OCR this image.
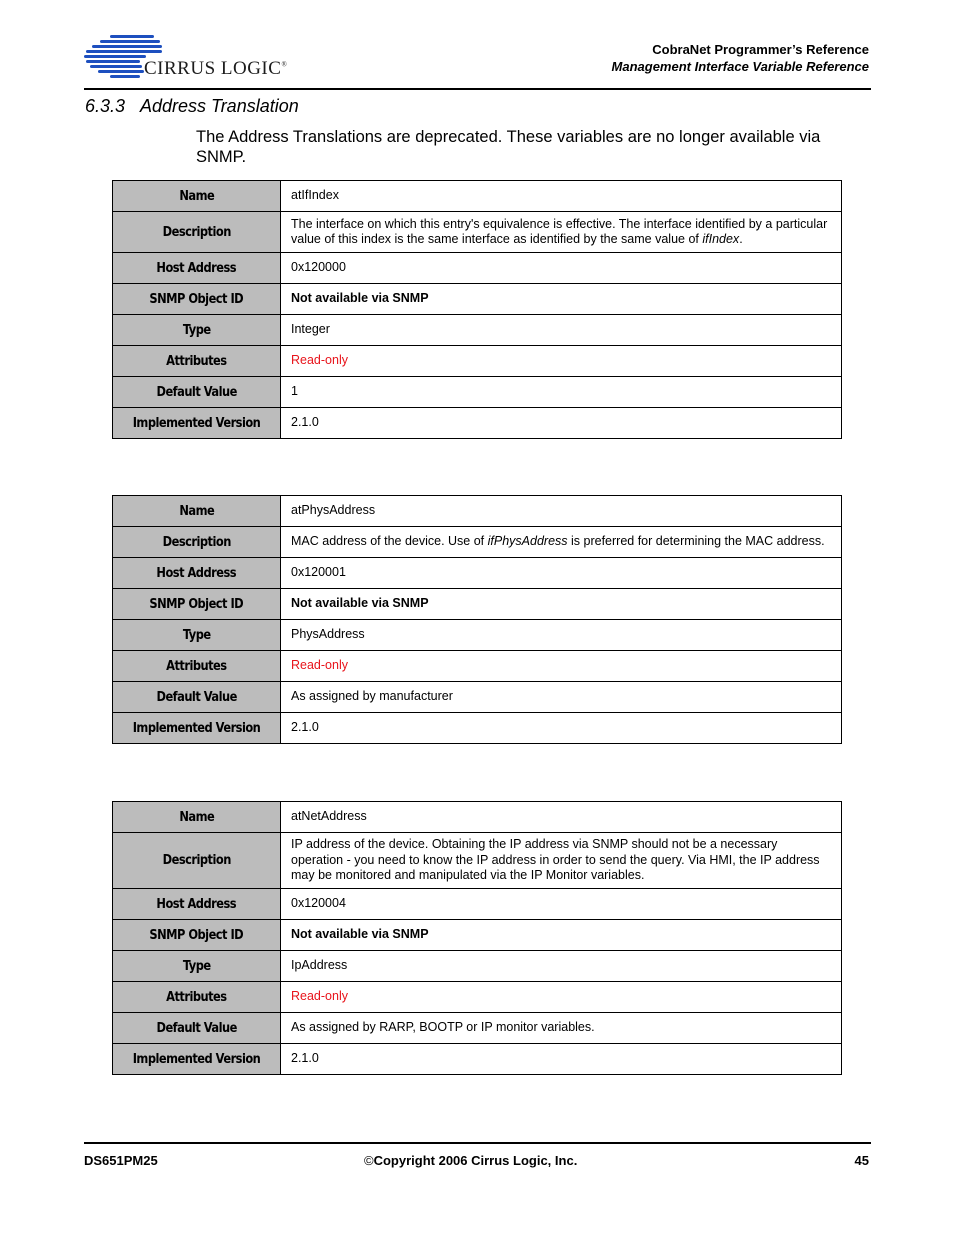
CIRRUS LOGIC®
CobraNet Programmer’s Reference
Management Interface Variable Reference
6.3.3 Address Translation
The Address Translations are deprecated. These variables are no longer available via SNMP.
Name	atIfIndex
Description	The interface on which this entry's equivalence is effective. The interface identified by a particular value of this index is the same interface as identified by the same value of ifIndex.
Host Address	0x120000
SNMP Object ID	Not available via SNMP
Type	Integer
Attributes	Read-only
Default Value	1
Implemented Version	2.1.0
Name	atPhysAddress
Description	MAC address of the device. Use of ifPhysAddress is preferred for determining the MAC address.
Host Address	0x120001
SNMP Object ID	Not available via SNMP
Type	PhysAddress
Attributes	Read-only
Default Value	As assigned by manufacturer
Implemented Version	2.1.0
Name	atNetAddress
Description	IP address of the device. Obtaining the IP address via SNMP should not be a necessary operation - you need to know the IP address in order to send the query. Via HMI, the IP address may be monitored and manipulated via the IP Monitor variables.
Host Address	0x120004
SNMP Object ID	Not available via SNMP
Type	IpAddress
Attributes	Read-only
Default Value	As assigned by RARP, BOOTP or IP monitor variables.
Implemented Version	2.1.0
DS651PM25	©Copyright 2006 Cirrus Logic, Inc.	45
